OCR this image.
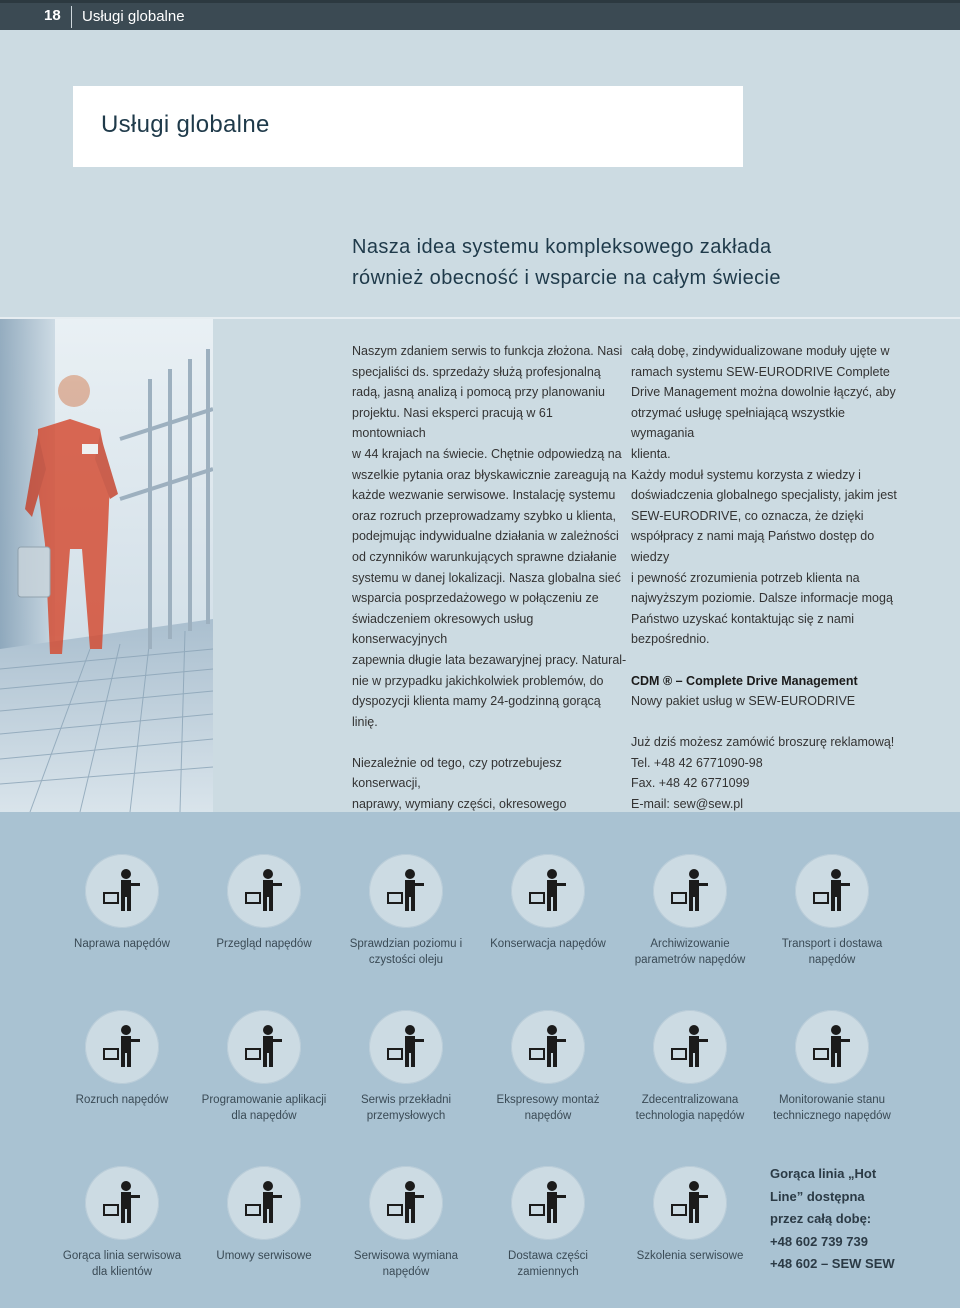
18 Usługi globalne
Usługi globalne
Nasza idea systemu kompleksowego zakłada
również obecność i wsparcie na całym świecie

Naszym zdaniem serwis to funkcja złożona. Nasi
specjaliści ds. sprzedaży służą profesjonalną
radą, jasną analizą i pomocą przy planowaniu
projektu. Nasi eksperci pracują w 61 montowniach
w 44 krajach na świecie. Chętnie odpowiedzą na
wszelkie pytania oraz błyskawicznie zareagują na
każde wezwanie serwisowe. Instalację systemu
oraz rozruch przeprowadzamy szybko u klienta,
podejmując indywidualne działania w zależności
od czynników warunkujących sprawne działanie
systemu w danej lokalizacji. Nasza globalna sieć
wsparcia posprzedażowego w połączeniu ze
świadczeniem okresowych usług konserwacyjnych
zapewnia długie lata bezawaryjnej pracy. Natural-
nie w przypadku jakichkolwiek problemów, do
dyspozycji klienta mamy 24-godzinną gorącą
linię.

Niezależnie od tego, czy potrzebujesz konserwacji,
naprawy, wymiany części, okresowego

całą dobę, zindywidualizowane moduły ujęte w
ramach systemu SEW-EURODRIVE Complete
Drive Management można dowolnie łączyć, aby
otrzymać usługę spełniającą wszystkie wymagania
klienta.
Każdy moduł systemu korzysta z wiedzy i
doświadczenia globalnego specjalisty, jakim jest
SEW-EURODRIVE, co oznacza, że dzięki
współpracy z nami mają Państwo dostęp do wiedzy
i pewność zrozumienia potrzeb klienta na
najwyższym poziomie. Dalsze informacje mogą
Państwo uzyskać kontaktując się z nami
bezpośrednio.

CDM ® – Complete Drive Management
Nowy pakiet usług w SEW-EURODRIVE

Już dziś możesz zamówić broszurę reklamową!
Tel. +48 42 6771090-98
Fax. +48 42 6771099
E-mail: sew@sew.pl

Naprawa napędów	Przegląd napędów	Sprawdzian poziomu i
czystości oleju
Konserwacja napędów	Archiwizowanie
parametrów napędów
Transport i dostawa
napędów
Rozruch napędów	Programowanie aplikacji
dla napędów
Serwis przekładni
przemysłowych
Ekspresowy montaż
napędów
Zdecentralizowana
technologia napędów
Monitorowanie stanu
technicznego napędów
Gorąca linia serwisowa
dla klientów
Umowy serwisowe	Serwisowa wymiana
napędów
Dostawa części
zamiennych
Szkolenia serwisowe
Gorąca linia „Hot
Line” dostępna
przez całą dobę:
+48 602 739 739
+48 602 – SEW SEW
